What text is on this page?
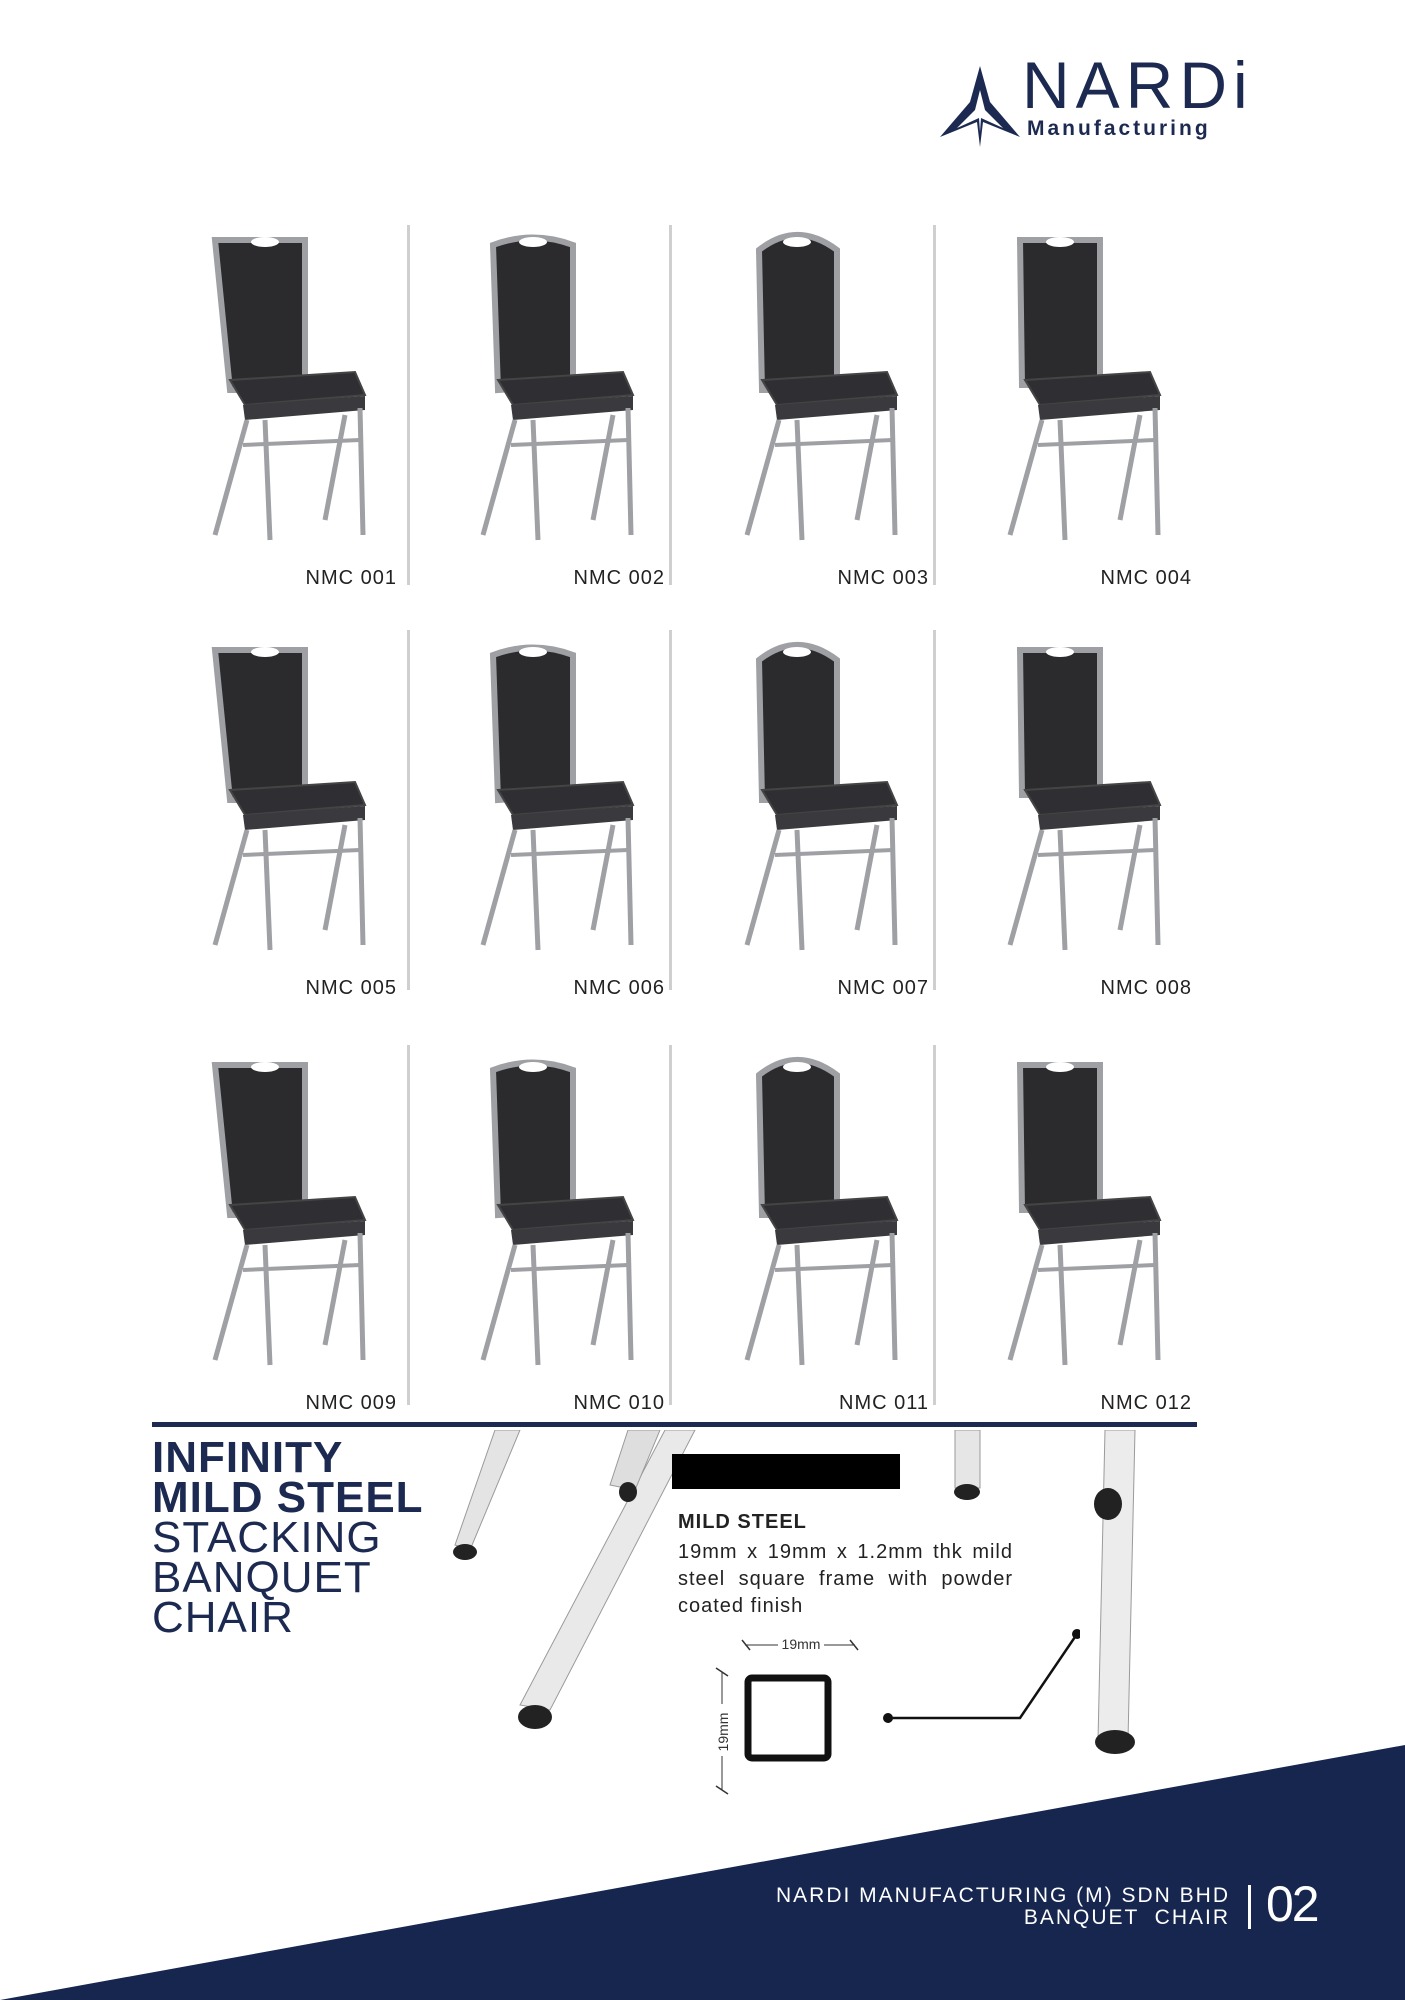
NARDi
Manufacturing
NMC 001	NMC 002	NMC 003	NMC 004
NMC 005	NMC 006	NMC 007	NMC 008
NMC 009	NMC 010	NMC 011	NMC 012
INFINITY
MILD STEEL
STACKING
BANQUET
CHAIR
MILD STEEL
19mm x 19mm x 1.2mm thk mild steel square frame with powder coated finish
19mm
19mm
NARDI MANUFACTURING (M) SDN BHD
BANQUET  CHAIR 02
